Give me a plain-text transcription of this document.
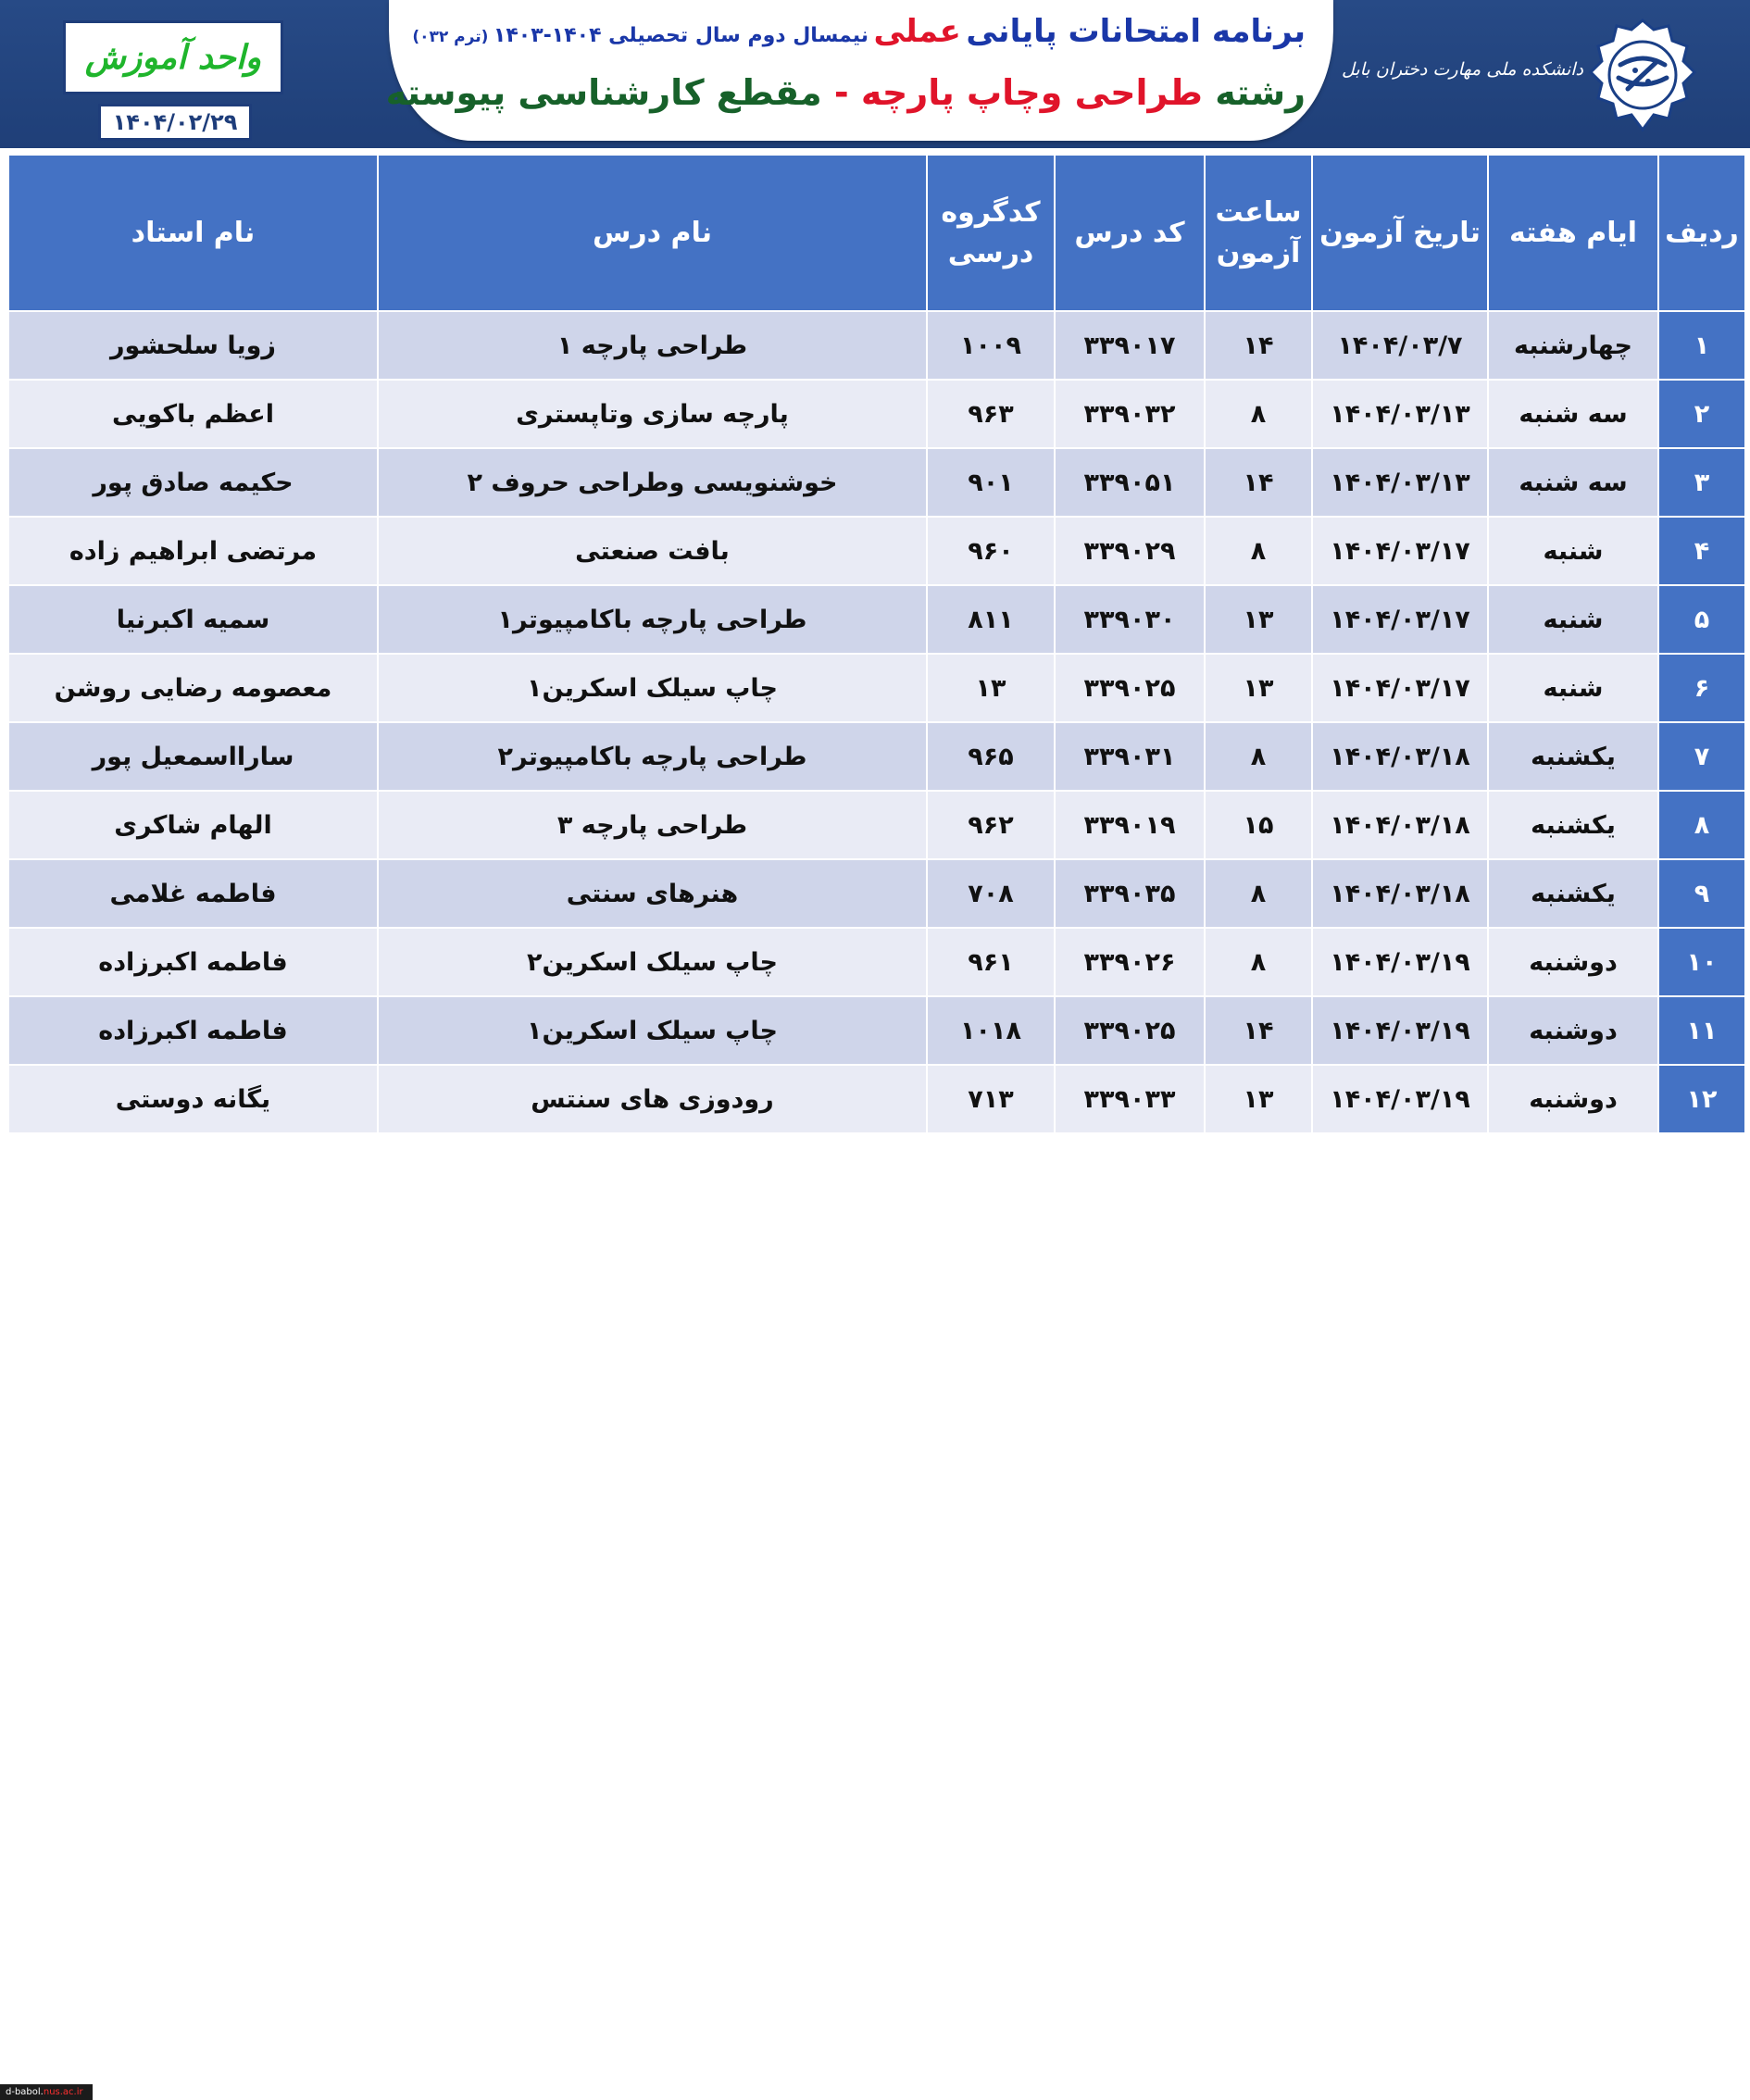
برنامه امتحانات پایانی عملی نیمسال دوم سال تحصیلی ۱۴۰۴-۱۴۰۳ (ترم ۰۳۲)
رشته طراحی وچاپ پارچه - مقطع کارشناسی پیوسته
واحد آموزش
۱۴۰۴/۰۲/۲۹
دانشکده ملی مهارت دختران بابل
ردیف	ایام هفته	تاریخ آزمون	ساعت آزمون	کد درس	کدگروه درسی	نام درس	نام استاد
۱	چهارشنبه	۱۴۰۴/۰۳/۷	۱۴	۳۳۹۰۱۷	۱۰۰۹	طراحی پارچه ۱	زویا سلحشور
۲	سه شنبه	۱۴۰۴/۰۳/۱۳	۸	۳۳۹۰۳۲	۹۶۳	پارچه سازی وتاپستری	اعظم باکویی
۳	سه شنبه	۱۴۰۴/۰۳/۱۳	۱۴	۳۳۹۰۵۱	۹۰۱	خوشنویسی وطراحی حروف ۲	حکیمه صادق پور
۴	شنبه	۱۴۰۴/۰۳/۱۷	۸	۳۳۹۰۲۹	۹۶۰	بافت صنعتی	مرتضی ابراهیم زاده
۵	شنبه	۱۴۰۴/۰۳/۱۷	۱۳	۳۳۹۰۳۰	۸۱۱	طراحی پارچه باکامپیوتر۱	سمیه اکبرنیا
۶	شنبه	۱۴۰۴/۰۳/۱۷	۱۳	۳۳۹۰۲۵	۱۳	چاپ سیلک اسکرین۱	معصومه رضایی روشن
۷	یکشنبه	۱۴۰۴/۰۳/۱۸	۸	۳۳۹۰۳۱	۹۶۵	طراحی پارچه باکامپیوتر۲	سارااسمعیل پور
۸	یکشنبه	۱۴۰۴/۰۳/۱۸	۱۵	۳۳۹۰۱۹	۹۶۲	طراحی پارچه ۳	الهام شاکری
۹	یکشنبه	۱۴۰۴/۰۳/۱۸	۸	۳۳۹۰۳۵	۷۰۸	هنرهای سنتی	فاطمه غلامی
۱۰	دوشنبه	۱۴۰۴/۰۳/۱۹	۸	۳۳۹۰۲۶	۹۶۱	چاپ سیلک اسکرین۲	فاطمه اکبرزاده
۱۱	دوشنبه	۱۴۰۴/۰۳/۱۹	۱۴	۳۳۹۰۲۵	۱۰۱۸	چاپ سیلک اسکرین۱	فاطمه اکبرزاده
۱۲	دوشنبه	۱۴۰۴/۰۳/۱۹	۱۳	۳۳۹۰۳۳	۷۱۳	رودوزی های سنتس	یگانه دوستی
d-babol.nus.ac.ir
